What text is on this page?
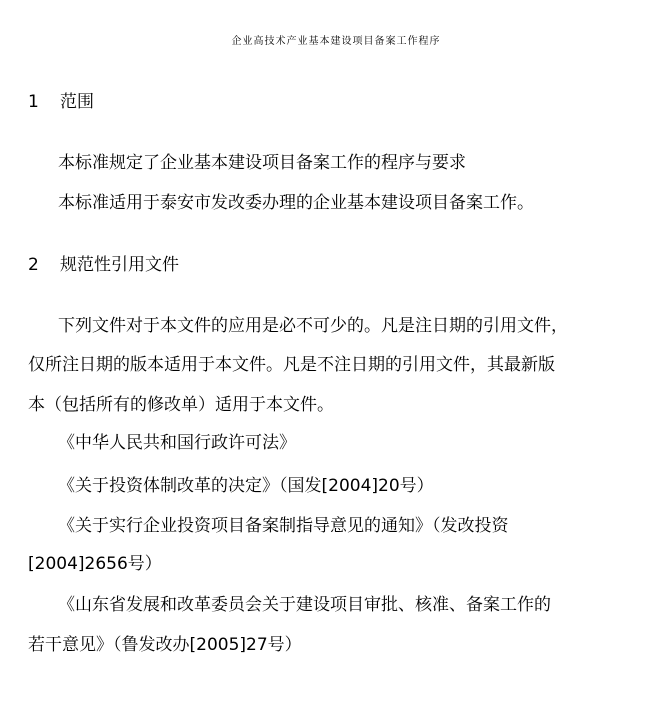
企业高技术产业基本建设项目备案工作程序
1 范围
本标准规定了企业基本建设项目备案工作的程序与要求
本标准适用于泰安市发改委办理的企业基本建设项目备案工作。
2 规范性引用文件
下列文件对于本文件的应用是必不可少的。凡是注日期的引用文件，
仅所注日期的版本适用于本文件。凡是不注日期的引用文件，其最新版
本（包括所有的修改单）适用于本文件。
《中华人民共和国行政许可法》
《关于投资体制改革的决定》（国发[2004]20号）
《关于实行企业投资项目备案制指导意见的通知》（发改投资
[2004]2656号）
《山东省发展和改革委员会关于建设项目审批、核准、备案工作的
若干意见》（鲁发改办[2005]27号）
